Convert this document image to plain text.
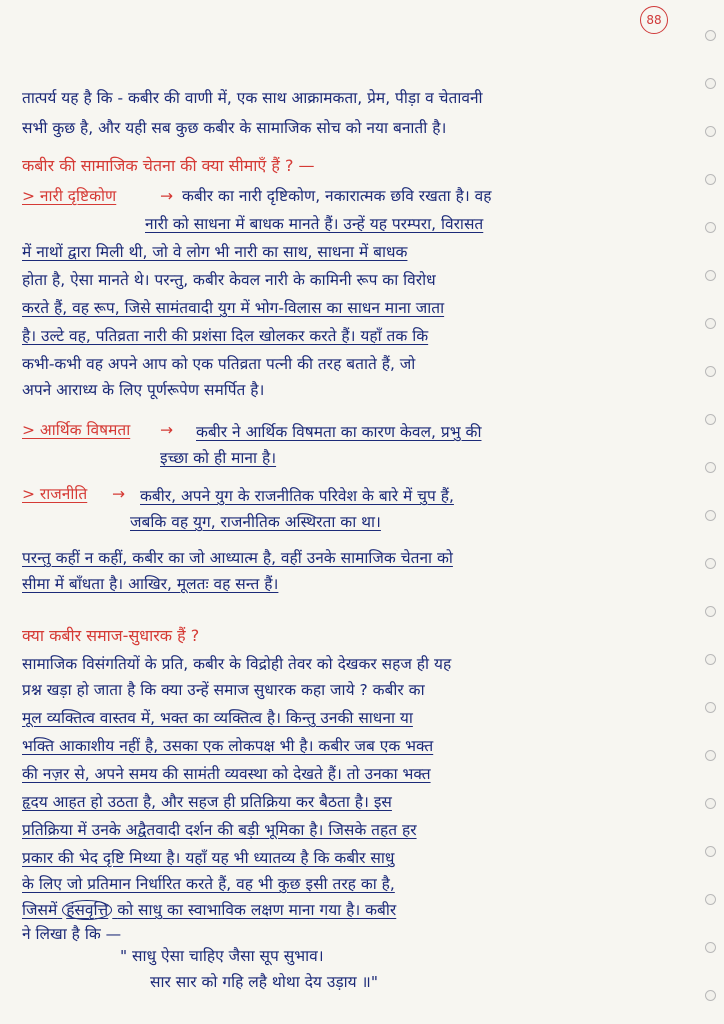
88
तात्पर्य यह है कि - कबीर की वाणी में, एक साथ आक्रामकता, प्रेम, पीड़ा व चेतावनी
सभी कुछ है, और यही सब कुछ कबीर के सामाजिक सोच को नया बनाती है।
कबीर की सामाजिक चेतना की क्या सीमाएँ हैं ? —
> नारी दृष्टिकोण	→ कबीर का नारी दृष्टिकोण, नकारात्मक छवि रखता है। वह
नारी को साधना में बाधक मानते हैं। उन्हें यह परम्परा, विरासत
में नाथों द्वारा मिली थी, जो वे लोग भी नारी का साथ, साधना में बाधक
होता है, ऐसा मानते थे। परन्तु, कबीर केवल नारी के कामिनी रूप का विरोध
करते हैं, वह रूप, जिसे सामंतवादी युग में भोग-विलास का साधन माना जाता
है। उल्टे वह, पतिव्रता नारी की प्रशंसा दिल खोलकर करते हैं। यहाँ तक कि
कभी-कभी वह अपने आप को एक पतिव्रता पत्नी की तरह बताते हैं, जो
अपने आराध्य के लिए पूर्णरूपेण समर्पित है।
> आर्थिक विषमता → कबीर ने आर्थिक विषमता का कारण केवल, प्रभु की
इच्छा को ही माना है।
> राजनीति → कबीर, अपने युग के राजनीतिक परिवेश के बारे में चुप हैं,
जबकि वह युग, राजनीतिक अस्थिरता का था।
परन्तु कहीं न कहीं, कबीर का जो आध्यात्म है, वहीं उनके सामाजिक चेतना को
सीमा में बाँधता है। आखिर, मूलतः वह सन्त हैं।
क्या कबीर समाज-सुधारक हैं ?
सामाजिक विसंगतियों के प्रति, कबीर के विद्रोही तेवर को देखकर सहज ही यह
प्रश्न खड़ा हो जाता है कि क्या उन्हें समाज सुधारक कहा जाये ? कबीर का
मूल व्यक्तित्व वास्तव में, भक्त का व्यक्तित्व है। किन्तु उनकी साधना या
भक्ति आकाशीय नहीं है, उसका एक लोकपक्ष भी है। कबीर जब एक भक्त
की नज़र से, अपने समय की सामंती व्यवस्था को देखते हैं। तो उनका भक्त
हृदय आहत हो उठता है, और सहज ही प्रतिक्रिया कर बैठता है। इस
प्रतिक्रिया में उनके अद्वैतवादी दर्शन की बड़ी भूमिका है। जिसके तहत हर
प्रकार की भेद दृष्टि मिथ्या है। यहाँ यह भी ध्यातव्य है कि कबीर साधु
के लिए जो प्रतिमान निर्धारित करते हैं, वह भी कुछ इसी तरह का है,
जिसमें हंसवृत्ति को साधु का स्वाभाविक लक्षण माना गया है। कबीर
ने लिखा है कि —
" साधु ऐसा चाहिए जैसा सूप सुभाव।
सार सार को गहि लहै थोथा देय उड़ाय ॥"
